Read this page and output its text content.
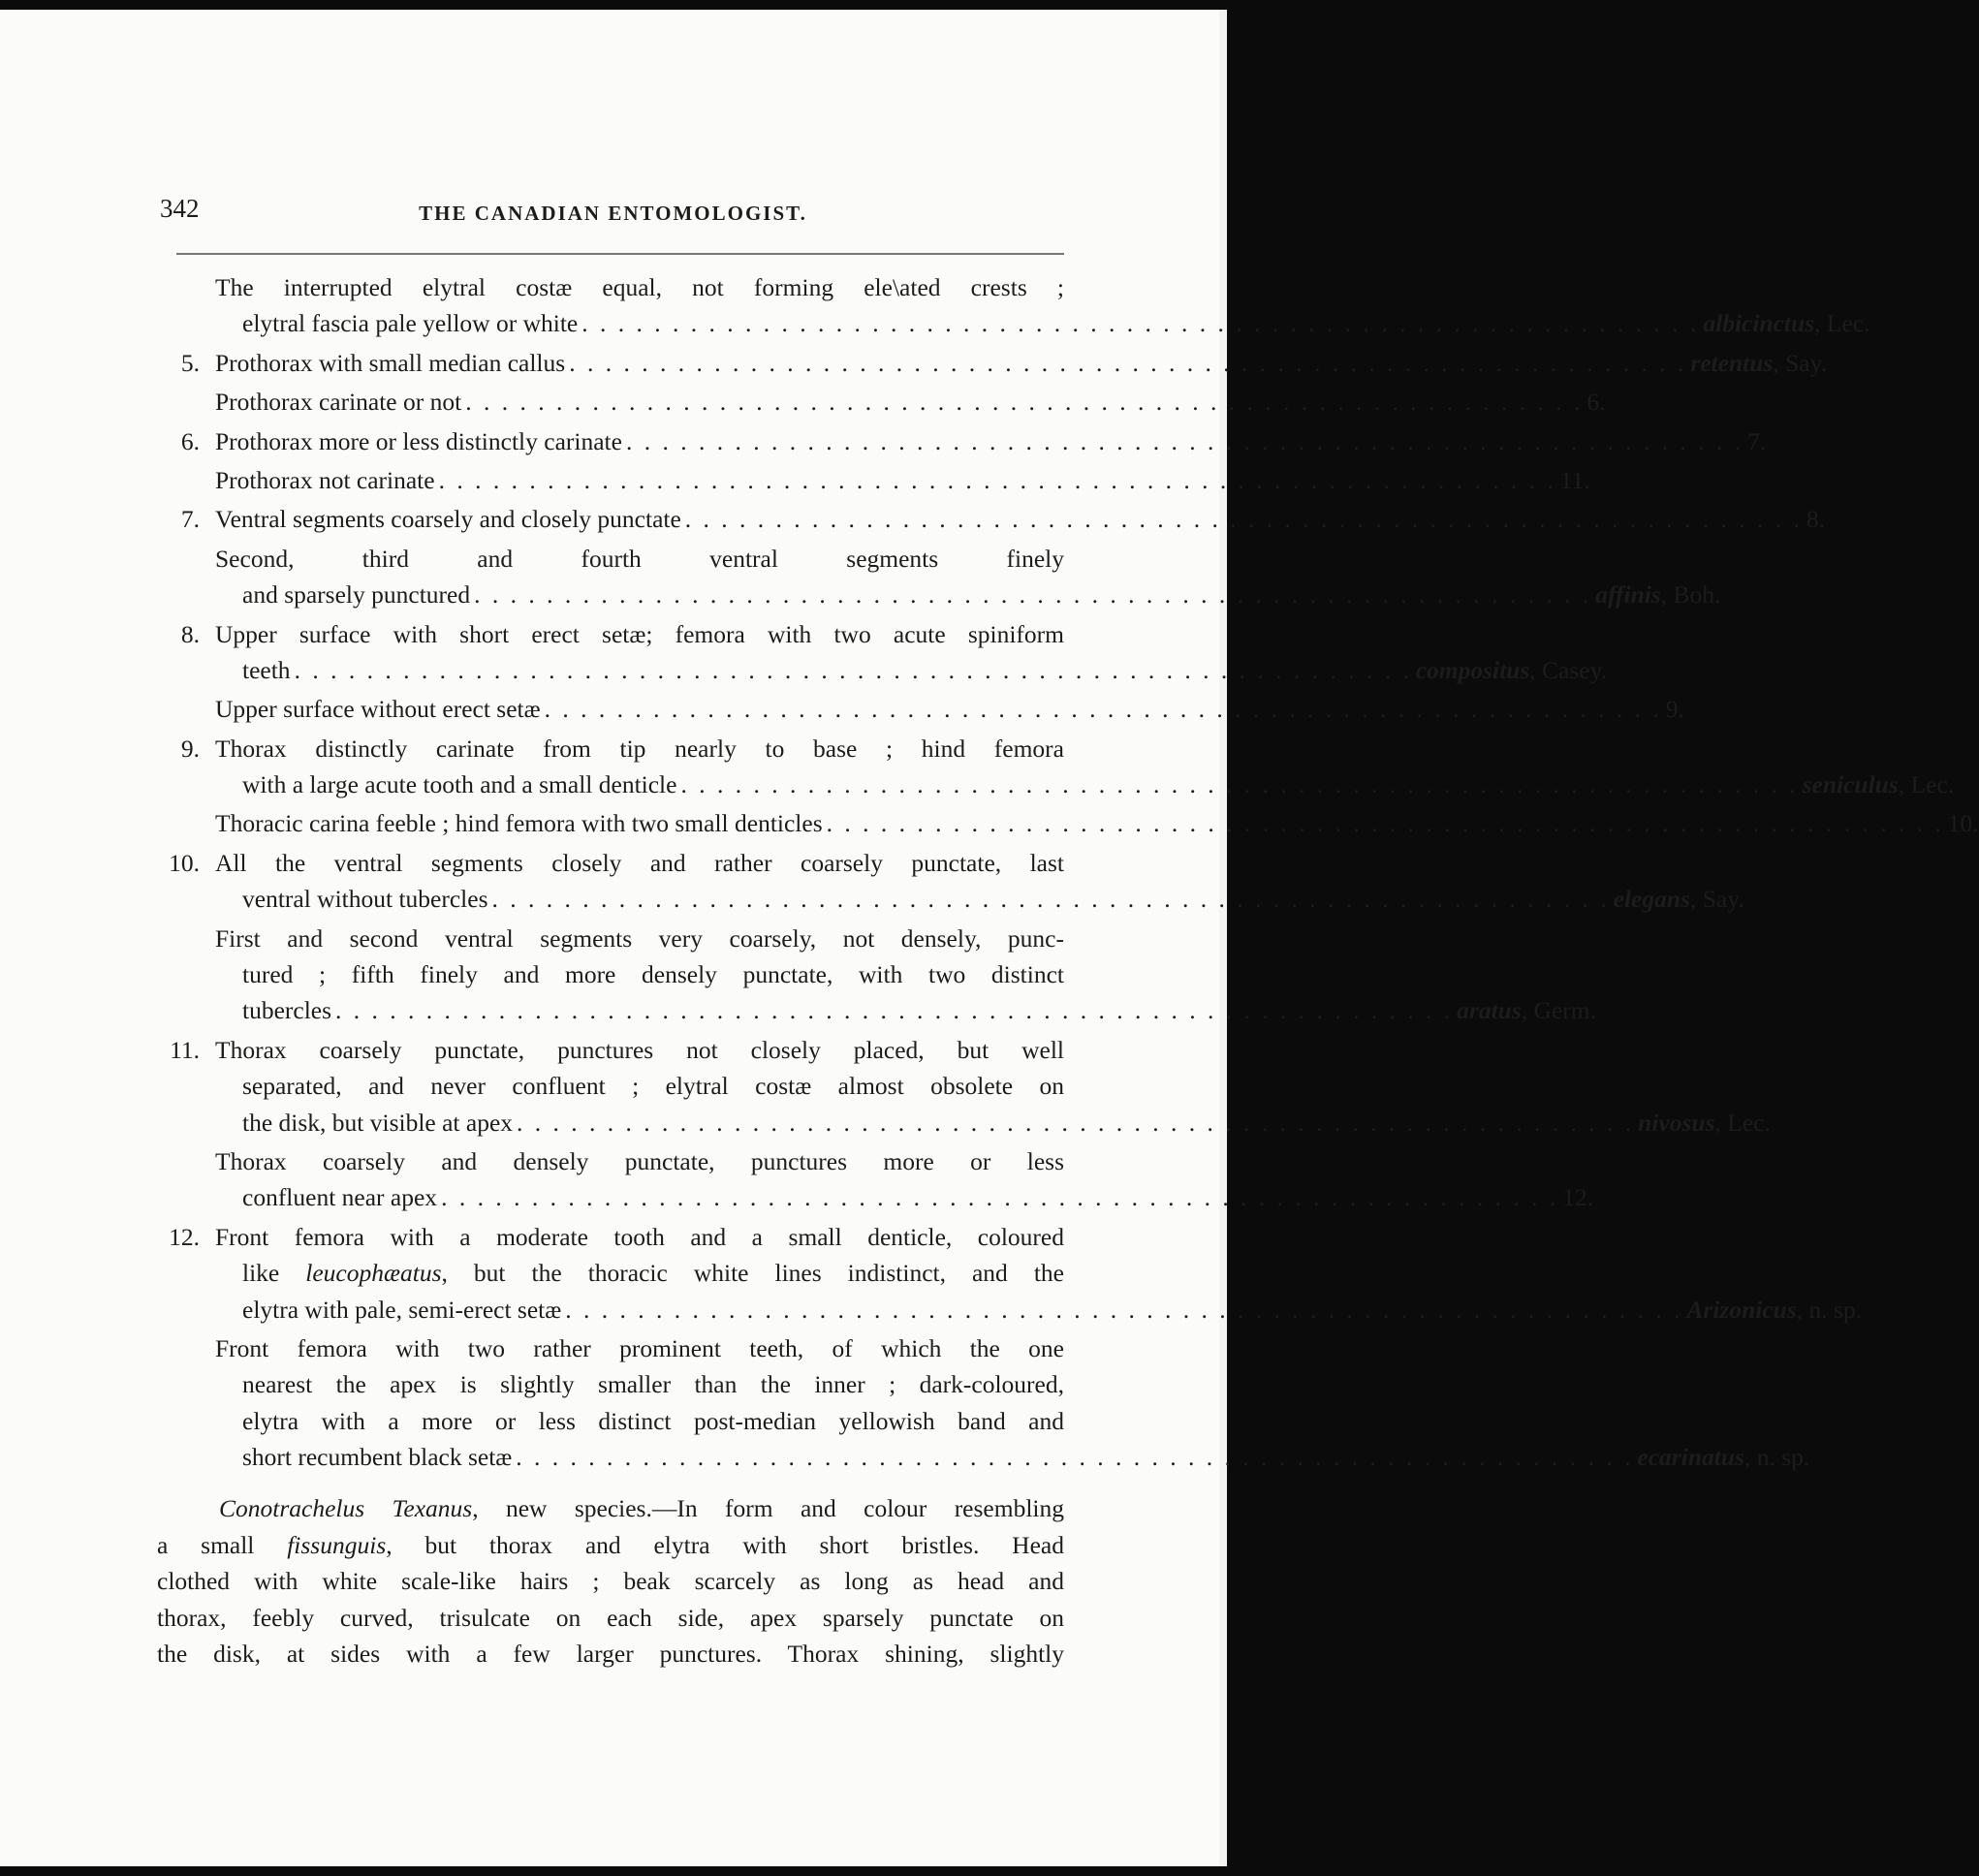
342	THE CANADIAN ENTOMOLOGIST.
The interrupted elytral costæ equal, not forming ele\ated crests ;
elytral fascia pale yellow or white . . . . . . . . . . . . . . . . . . . . . . . . . . . . . . . . . . . . . . . . . . . . . . . . . . . . . . . . . . . . . . albicinctus, Lec.
5. Prothorax with small median callus . . . . . . . . . . . . . . . . . . . . . . . . . . . . . . . . . . . . . . . . . . . . . . . . . . . . . . . . . . . . . . retentus, Say.
Prothorax carinate or not . . . . . . . . . . . . . . . . . . . . . . . . . . . . . . . . . . . . . . . . . . . . . . . . . . . . . . . . . . . . . . 6.
6. Prothorax more or less distinctly carinate . . . . . . . . . . . . . . . . . . . . . . . . . . . . . . . . . . . . . . . . . . . . . . . . . . . . . . . . . . . . . . 7.
Prothorax not carinate . . . . . . . . . . . . . . . . . . . . . . . . . . . . . . . . . . . . . . . . . . . . . . . . . . . . . . . . . . . . . . 11.
7. Ventral segments coarsely and closely punctate . . . . . . . . . . . . . . . . . . . . . . . . . . . . . . . . . . . . . . . . . . . . . . . . . . . . . . . . . . . . . . 8.
Second, third and fourth ventral segments finely
and sparsely punctured . . . . . . . . . . . . . . . . . . . . . . . . . . . . . . . . . . . . . . . . . . . . . . . . . . . . . . . . . . . . . . affinis, Boh.
8. Upper surface with short erect setæ; femora with two acute spiniform
teeth . . . . . . . . . . . . . . . . . . . . . . . . . . . . . . . . . . . . . . . . . . . . . . . . . . . . . . . . . . . . . . compositus, Casey.
Upper surface without erect setæ . . . . . . . . . . . . . . . . . . . . . . . . . . . . . . . . . . . . . . . . . . . . . . . . . . . . . . . . . . . . . . 9.
9. Thorax distinctly carinate from tip nearly to base ; hind femora
with a large acute tooth and a small denticle . . . . . . . . . . . . . . . . . . . . . . . . . . . . . . . . . . . . . . . . . . . . . . . . . . . . . . . . . . . . . . seniculus, Lec.
Thoracic carina feeble ; hind femora with two small denticles . . . . . . . . . . . . . . . . . . . . . . . . . . . . . . . . . . . . . . . . . . . . . . . . . . . . . . . . . . . . . . 10.
10. All the ventral segments closely and rather coarsely punctate, last
ventral without tubercles . . . . . . . . . . . . . . . . . . . . . . . . . . . . . . . . . . . . . . . . . . . . . . . . . . . . . . . . . . . . . . elegans, Say.
First and second ventral segments very coarsely, not densely, punc-
tured ; fifth finely and more densely punctate, with two distinct
tubercles . . . . . . . . . . . . . . . . . . . . . . . . . . . . . . . . . . . . . . . . . . . . . . . . . . . . . . . . . . . . . . aratus, Germ.
11. Thorax coarsely punctate, punctures not closely placed, but well
separated, and never confluent ; elytral costæ almost obsolete on
the disk, but visible at apex . . . . . . . . . . . . . . . . . . . . . . . . . . . . . . . . . . . . . . . . . . . . . . . . . . . . . . . . . . . . . . nivosus, Lec.
Thorax coarsely and densely punctate, punctures more or less
confluent near apex . . . . . . . . . . . . . . . . . . . . . . . . . . . . . . . . . . . . . . . . . . . . . . . . . . . . . . . . . . . . . . 12.
12. Front femora with a moderate tooth and a small denticle, coloured
like leucophæatus, but the thoracic white lines indistinct, and the
elytra with pale, semi-erect setæ . . . . . . . . . . . . . . . . . . . . . . . . . . . . . . . . . . . . . . . . . . . . . . . . . . . . . . . . . . . . . . Arizonicus, n. sp.
Front femora with two rather prominent teeth, of which the one
nearest the apex is slightly smaller than the inner ; dark-coloured,
elytra with a more or less distinct post-median yellowish band and
short recumbent black setæ . . . . . . . . . . . . . . . . . . . . . . . . . . . . . . . . . . . . . . . . . . . . . . . . . . . . . . . . . . . . . . ecarinatus, n. sp.
Conotrachelus Texanus, new species.—In form and colour resembling
a small fissunguis, but thorax and elytra with short bristles. Head
clothed with white scale-like hairs ; beak scarcely as long as head and
thorax, feebly curved, trisulcate on each side, apex sparsely punctate on
the disk, at sides with a few larger punctures. Thorax shining, slightly
